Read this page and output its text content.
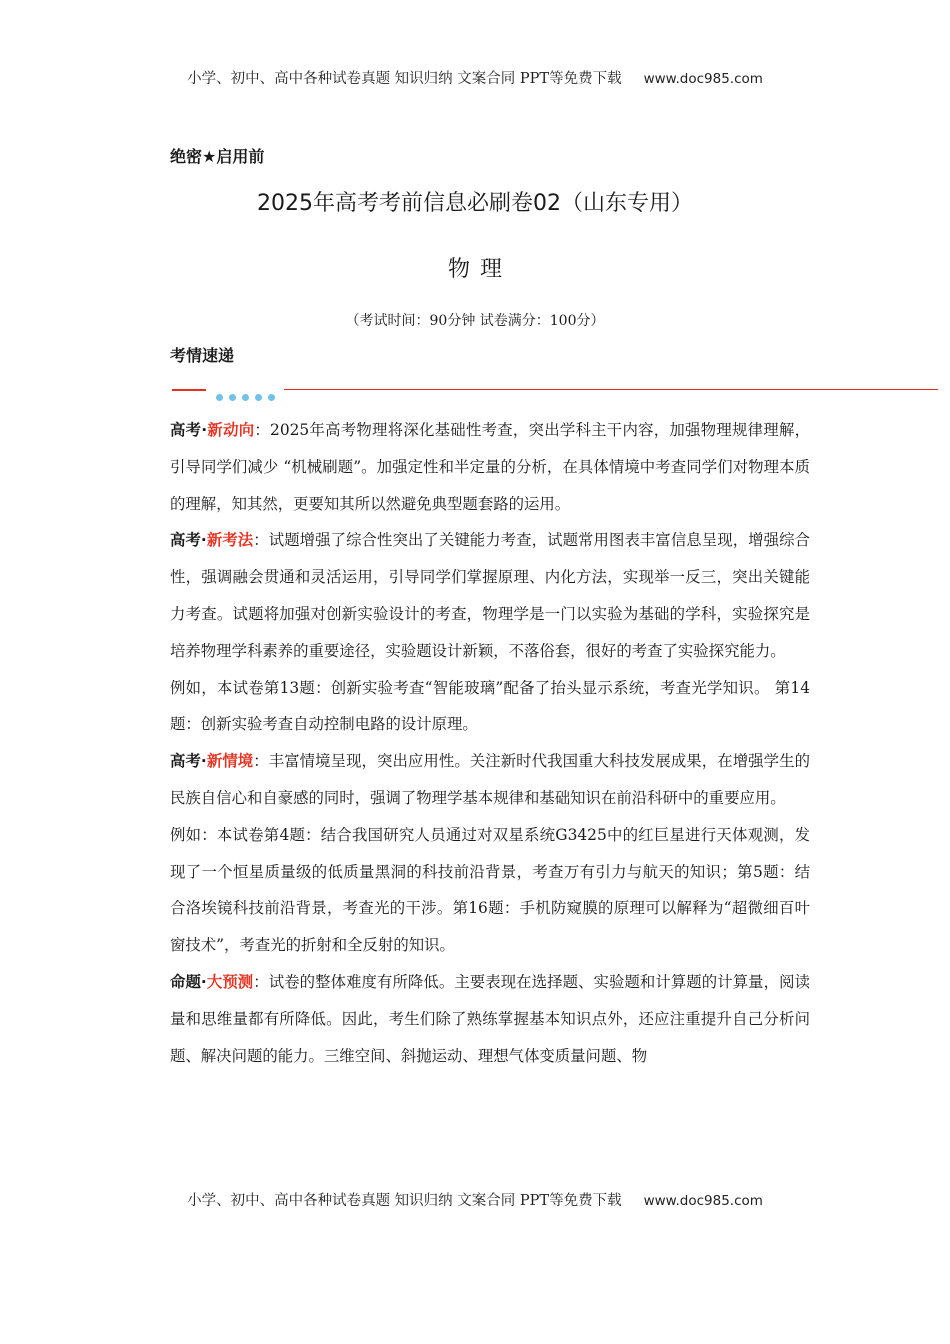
小学、初中、高中各种试卷真题 知识归纳 文案合同 PPT等免费下载 www.doc985.com
绝密★启用前
2025年高考考前信息必刷卷02（山东专用）
物理
（考试时间：90分钟 试卷满分：100分）
考情速递

高考·新动向：2025年高考物理将深化基础性考查，突出学科主干内容，加强物理规律理解，引导同学们减少 “机械刷题”。加强定性和半定量的分析，在具体情境中考查同学们对物理本质的理解，知其然，更要知其所以然避免典型题套路的运用。

高考·新考法：试题增强了综合性突出了关键能力考查，试题常用图表丰富信息呈现，增强综合性，强调融会贯通和灵活运用，引导同学们掌握原理、内化方法，实现举一反三，突出关键能力考查。试题将加强对创新实验设计的考查，物理学是一门以实验为基础的学科，实验探究是培养物理学科素养的重要途径，实验题设计新颖，不落俗套，很好的考查了实验探究能力。

例如，本试卷第13题：创新实验考查“智能玻璃”配备了抬头显示系统，考查光学知识。 第14题：创新实验考查自动控制电路的设计原理。

高考·新情境：丰富情境呈现，突出应用性。关注新时代我国重大科技发展成果，在增强学生的民族自信心和自豪感的同时，强调了物理学基本规律和基础知识在前沿科研中的重要应用。

例如：本试卷第4题：结合我国研究人员通过对双星系统G3425中的红巨星进行天体观测，发现了一个恒星质量级的低质量黑洞的科技前沿背景，考查万有引力与航天的知识；第5题：结合洛埃镜科技前沿背景，考查光的干涉。第16题：手机防窥膜的原理可以解释为“超微细百叶窗技术”，考查光的折射和全反射的知识。

命题·大预测：试卷的整体难度有所降低。主要表现在选择题、实验题和计算题的计算量，阅读量和思维量都有所降低。因此，考生们除了熟练掌握基本知识点外，还应注重提升自己分析问题、解决问题的能力。三维空间、斜抛运动、理想气体变质量问题、物

小学、初中、高中各种试卷真题 知识归纳 文案合同 PPT等免费下载 www.doc985.com
